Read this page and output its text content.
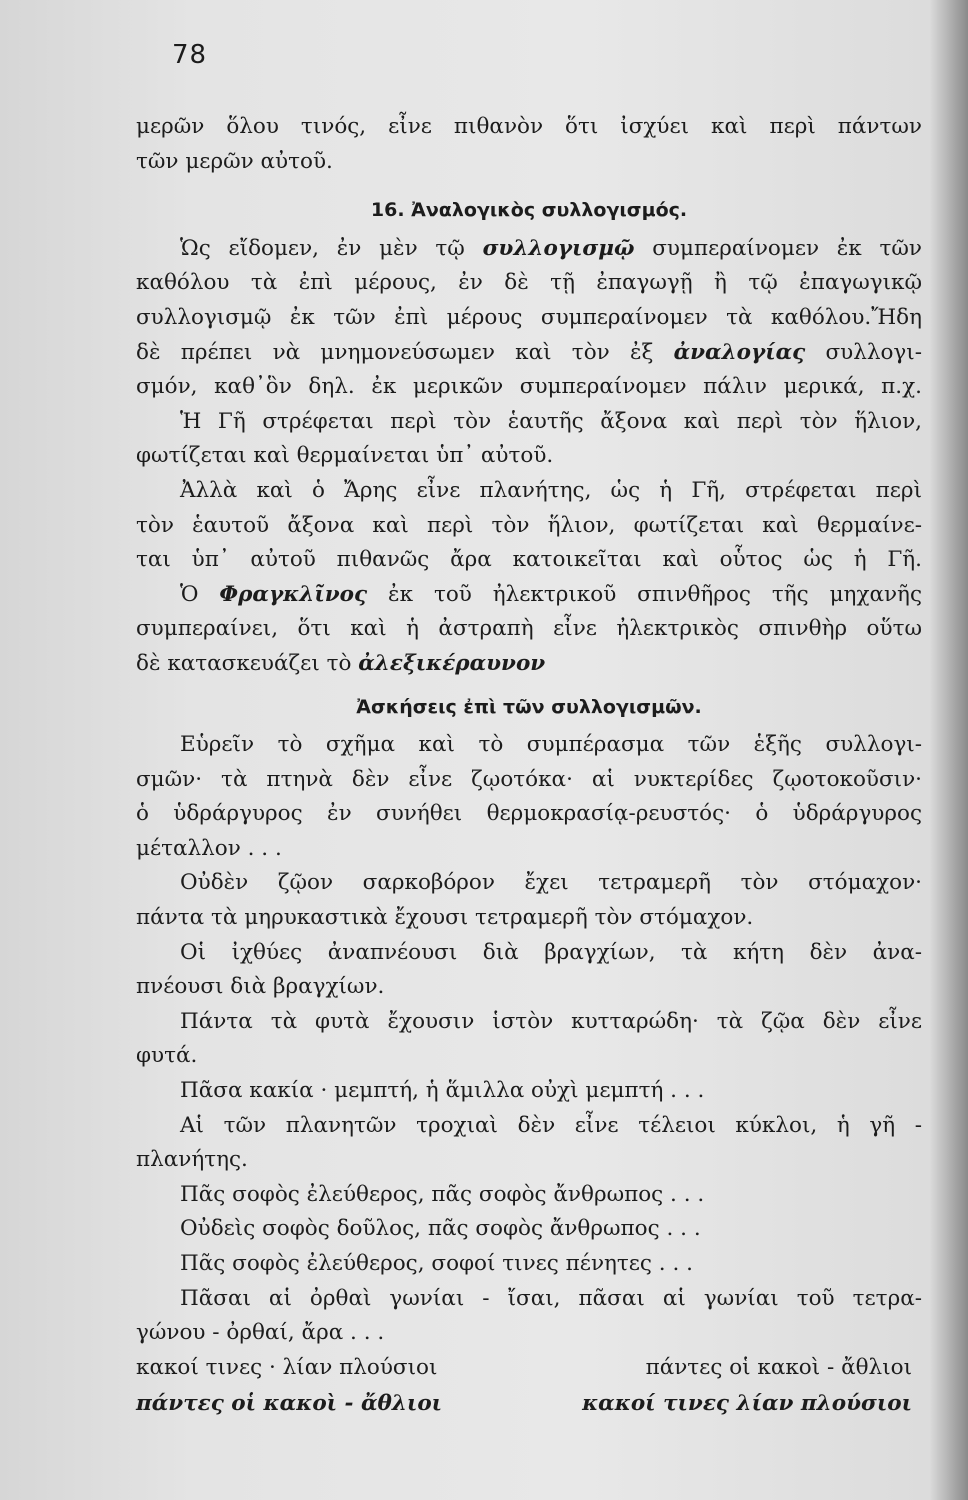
78
μερῶν ὅλου τινός, εἶνε πιθανὸν ὅτι ἰσχύει καὶ περὶ πάντων
τῶν μερῶν αὐτοῦ.
16. Ἀναλογικὸς συλλογισμός.
Ὡς εἴδομεν, ἐν μὲν τῷ συλλογισμῷ συμπεραίνομεν ἐκ τῶν
καθόλου τὰ ἐπὶ μέρους, ἐν δὲ τῇ ἐπαγωγῇ ἢ τῷ ἐπαγωγικῷ
συλλογισμῷ ἐκ τῶν ἐπὶ μέρους συμπεραίνομεν τὰ καθόλου.Ἤδη
δὲ πρέπει νὰ μνημονεύσωμεν καὶ τὸν ἐξ ἀναλογίας συλλογι-
σμόν, καθ᾽ὃν δηλ. ἐκ μερικῶν συμπεραίνομεν πάλιν μερικά, π.χ.
Ἡ Γῆ στρέφεται περὶ τὸν ἑαυτῆς ἄξονα καὶ περὶ τὸν ἥλιον,
φωτίζεται καὶ θερμαίνεται ὑπ᾽ αὐτοῦ.
Ἀλλὰ καὶ ὁ Ἄρης εἶνε πλανήτης, ὡς ἡ Γῆ, στρέφεται περὶ
τὸν ἑαυτοῦ ἄξονα καὶ περὶ τὸν ἥλιον, φωτίζεται καὶ θερμαίνε-
ται ὑπ᾽ αὐτοῦ πιθανῶς ἄρα κατοικεῖται καὶ οὗτος ὡς ἡ Γῆ.
Ὁ Φραγκλῖνος ἐκ τοῦ ἠλεκτρικοῦ σπινθῆρος τῆς μηχανῆς
συμπεραίνει, ὅτι καὶ ἡ ἀστραπὴ εἶνε ἠλεκτρικὸς σπινθὴρ οὕτω
δὲ κατασκευάζει τὸ ἀλεξικέραυνον
Ἀσκήσεις ἐπὶ τῶν συλλογισμῶν.
Εὑρεῖν τὸ σχῆμα καὶ τὸ συμπέρασμα τῶν ἑξῆς συλλογι-
σμῶν· τὰ πτηνὰ δὲν εἶνε ζῳοτόκα· αἱ νυκτερίδες ζῳοτοκοῦσιν·
ὁ ὑδράργυρος ἐν συνήθει θερμοκρασίᾳ-ρευστός· ὁ ὑδράργυρος
μέταλλον . . .
Οὐδὲν ζῷον σαρκοβόρον ἔχει τετραμερῆ τὸν στόμαχον·
πάντα τὰ μηρυκαστικὰ ἔχουσι τετραμερῆ τὸν στόμαχον.
Οἱ ἰχθύες ἀναπνέουσι διὰ βραγχίων, τὰ κήτη δὲν ἀνα-
πνέουσι διὰ βραγχίων.
Πάντα τὰ φυτὰ ἔχουσιν ἱστὸν κυτταρώδη· τὰ ζῷα δὲν εἶνε
φυτά.
Πᾶσα κακία · μεμπτή, ἡ ἅμιλλα οὐχὶ μεμπτή . . .
Αἱ τῶν πλανητῶν τροχιαὶ δὲν εἶνε τέλειοι κύκλοι, ἡ γῆ -
πλανήτης.
Πᾶς σοφὸς ἐλεύθερος, πᾶς σοφὸς ἄνθρωπος . . .
Οὐδεὶς σοφὸς δοῦλος, πᾶς σοφὸς ἄνθρωπος . . .
Πᾶς σοφὸς ἐλεύθερος, σοφοί τινες πένητες . . .
Πᾶσαι αἱ ὀρθαὶ γωνίαι - ἴσαι, πᾶσαι αἱ γωνίαι τοῦ τετρα-
γώνου - ὀρθαί, ἄρα . . .
κακοί τινες · λίαν πλούσιοι	πάντες οἱ κακοὶ - ἄθλιοι
πάντες οἱ κακοὶ - ἄθλιοι	κακοί τινες λίαν πλούσιοι
